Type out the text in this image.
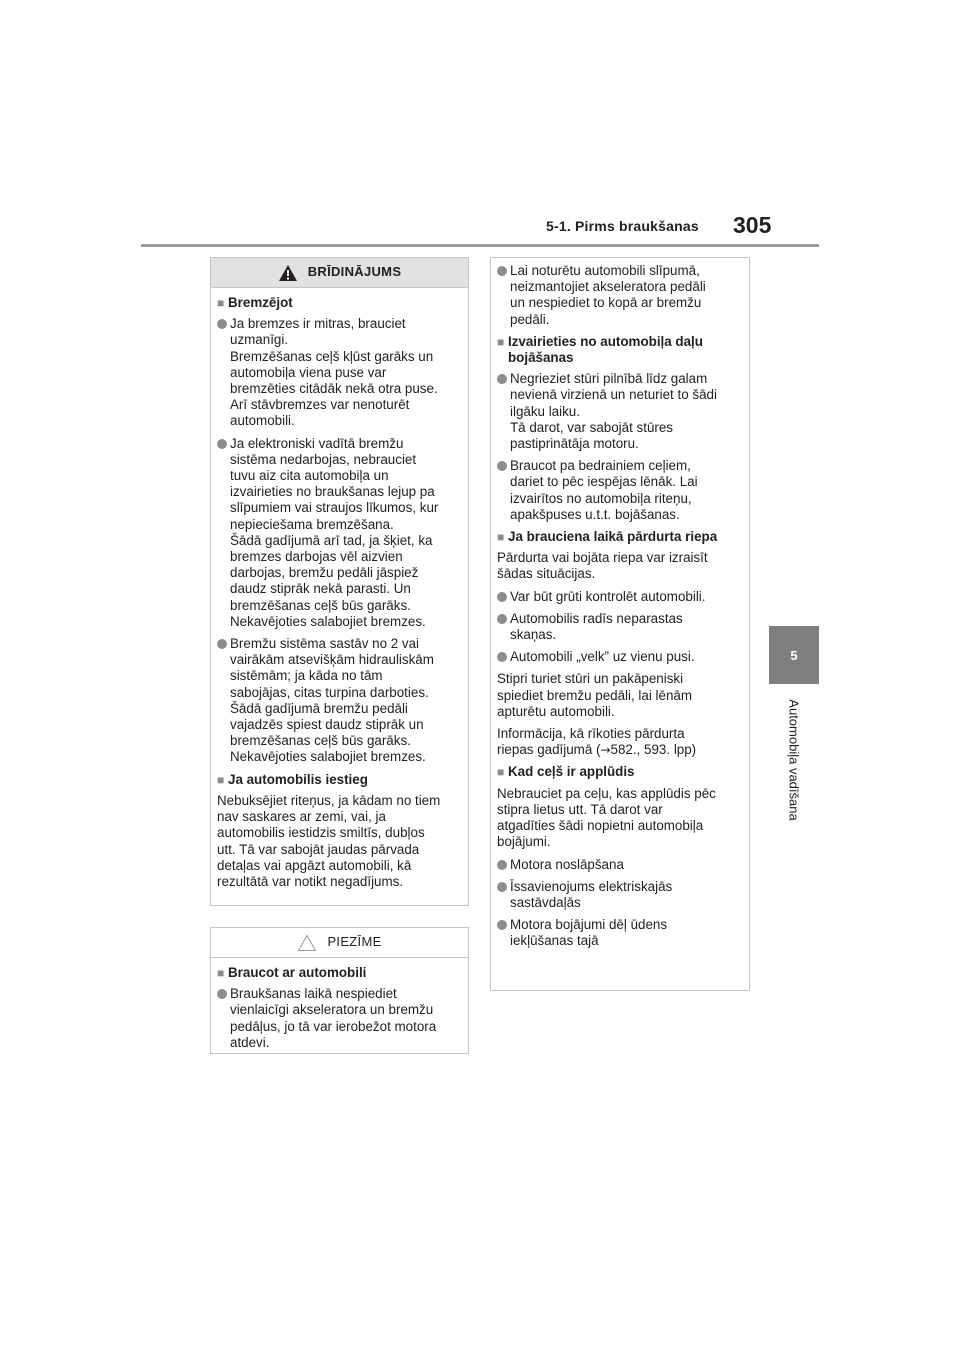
5-1. Pirms braukšanas 305
5
Automobiļa vadīšana
BRĪDINĀJUMS
■ Bremzējot
Ja bremzes ir mitras, brauciet
uzmanīgi.
Bremzēšanas ceļš kļūst garāks un
automobiļa viena puse var
bremzēties citādāk nekā otra puse.
Arī stāvbremzes var nenoturēt
automobili.
Ja elektroniski vadītā bremžu
sistēma nedarbojas, nebrauciet
tuvu aiz cita automobiļa un
izvairieties no braukšanas lejup pa
slīpumiem vai straujos līkumos, kur
nepieciešama bremzēšana.
Šādā gadījumā arī tad, ja šķiet, ka
bremzes darbojas vēl aizvien
darbojas, bremžu pedāli jāspiež
daudz stiprāk nekā parasti. Un
bremzēšanas ceļš būs garāks.
Nekavējoties salabojiet bremzes.
Bremžu sistēma sastāv no 2 vai
vairākām atsevišķām hidrauliskām
sistēmām; ja kāda no tām
sabojājas, citas turpina darboties.
Šādā gadījumā bremžu pedāli
vajadzēs spiest daudz stiprāk un
bremzēšanas ceļš būs garāks.
Nekavējoties salabojiet bremzes.
■ Ja automobilis iestieg
Nebuksējiet riteņus, ja kādam no tiem
nav saskares ar zemi, vai, ja
automobilis iestidzis smiltīs, dubļos
utt. Tā var sabojāt jaudas pārvada
detaļas vai apgāzt automobili, kā
rezultātā var notikt negadījums.
PIEZĪME
■ Braucot ar automobili
Braukšanas laikā nespiediet
vienlaicīgi akseleratora un bremžu
pedāļus, jo tā var ierobežot motora
atdevi.
Lai noturētu automobili slīpumā,
neizmantojiet akseleratora pedāli
un nespiediet to kopā ar bremžu
pedāli.
■ Izvairieties no automobiļa daļu
bojāšanas
Negrieziet stūri pilnībā līdz galam
nevienā virzienā un neturiet to šādi
ilgāku laiku.
Tā darot, var sabojāt stūres
pastiprinātāja motoru.
Braucot pa bedrainiem ceļiem,
dariet to pēc iespējas lēnāk. Lai
izvairītos no automobiļa riteņu,
apakšpuses u.t.t. bojāšanas.
■ Ja brauciena laikā pārdurta riepa
Pārdurta vai bojāta riepa var izraisīt
šādas situācijas.
Var būt grūti kontrolēt automobili.
Automobilis radīs neparastas
skaņas.
Automobili „velk” uz vienu pusi.
Stipri turiet stūri un pakāpeniski
spiediet bremžu pedāli, lai lēnām
apturētu automobili.
Informācija, kā rīkoties pārdurta
riepas gadījumā (→582., 593. lpp)
■ Kad ceļš ir applūdis
Nebrauciet pa ceļu, kas applūdis pēc
stipra lietus utt. Tā darot var
atgadīties šādi nopietni automobiļa
bojājumi.
Motora noslāpšana
Īssavienojums elektriskajās
sastāvdaļās
Motora bojājumi dēļ ūdens
iekļūšanas tajā
